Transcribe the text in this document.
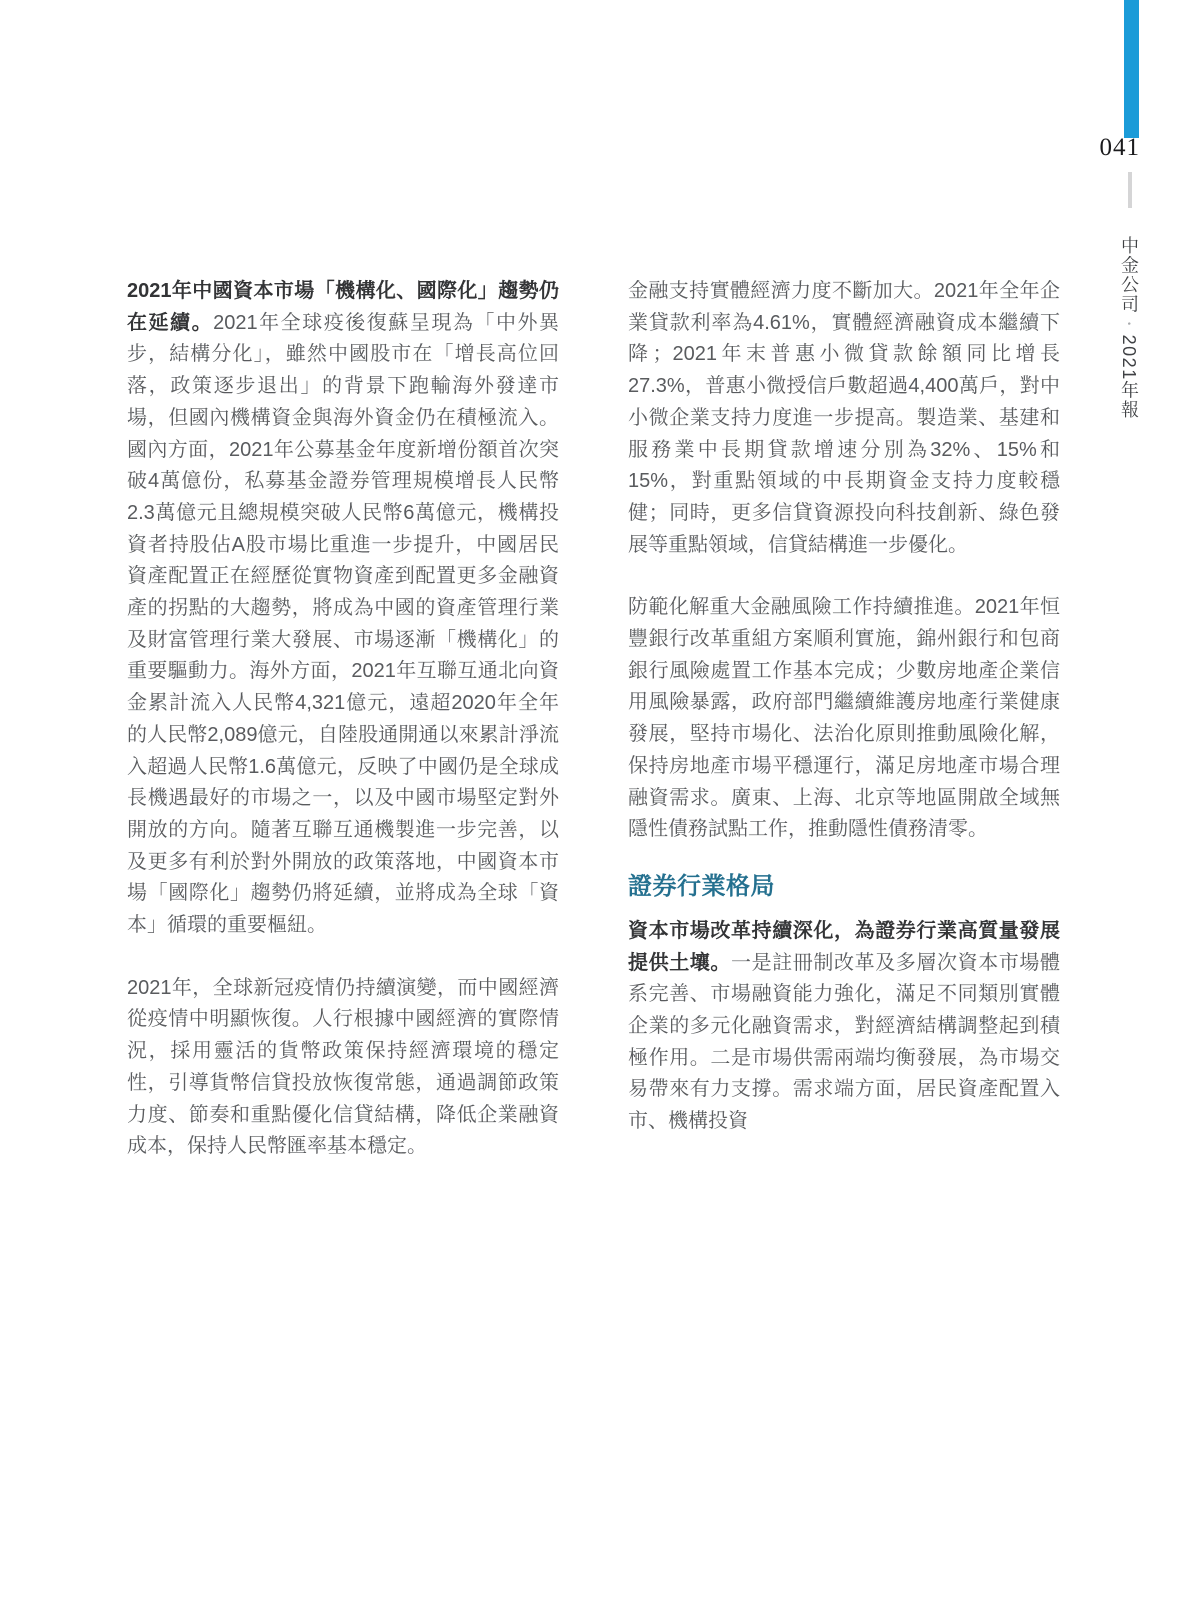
041
中金公司•2021年報

2021年中國資本市場「機構化、國際化」趨勢仍在延續。2021年全球疫後復蘇呈現為「中外異步，結構分化」，雖然中國股市在「增長高位回落，政策逐步退出」的背景下跑輸海外發達市場，但國內機構資金與海外資金仍在積極流入。國內方面，2021年公募基金年度新增份額首次突破4萬億份，私募基金證券管理規模增長人民幣2.3萬億元且總規模突破人民幣6萬億元，機構投資者持股佔A股市場比重進一步提升，中國居民資產配置正在經歷從實物資產到配置更多金融資產的拐點的大趨勢，將成為中國的資產管理行業及財富管理行業大發展、市場逐漸「機構化」的重要驅動力。海外方面，2021年互聯互通北向資金累計流入人民幣4,321億元，遠超2020年全年的人民幣2,089億元，自陸股通開通以來累計淨流入超過人民幣1.6萬億元，反映了中國仍是全球成長機遇最好的市場之一，以及中國市場堅定對外開放的方向。隨著互聯互通機製進一步完善，以及更多有利於對外開放的政策落地，中國資本市場「國際化」趨勢仍將延續，並將成為全球「資本」循環的重要樞紐。

2021年，全球新冠疫情仍持續演變，而中國經濟從疫情中明顯恢復。人行根據中國經濟的實際情況，採用靈活的貨幣政策保持經濟環境的穩定性，引導貨幣信貸投放恢復常態，通過調節政策力度、節奏和重點優化信貸結構，降低企業融資成本，保持人民幣匯率基本穩定。

金融支持實體經濟力度不斷加大。2021年全年企業貸款利率為4.61%，實體經濟融資成本繼續下降；2021年末普惠小微貸款餘額同比增長27.3%，普惠小微授信戶數超過4,400萬戶，對中小微企業支持力度進一步提高。製造業、基建和服務業中長期貸款增速分別為32%、15%和15%，對重點領域的中長期資金支持力度較穩健；同時，更多信貸資源投向科技創新、綠色發展等重點領域，信貸結構進一步優化。

防範化解重大金融風險工作持續推進。2021年恒豐銀行改革重組方案順利實施，錦州銀行和包商銀行風險處置工作基本完成；少數房地產企業信用風險暴露，政府部門繼續維護房地產行業健康發展，堅持市場化、法治化原則推動風險化解，保持房地產市場平穩運行，滿足房地產市場合理融資需求。廣東、上海、北京等地區開啟全域無隱性債務試點工作，推動隱性債務清零。

證券行業格局

資本市場改革持續深化，為證券行業高質量發展提供土壤。一是註冊制改革及多層次資本市場體系完善、市場融資能力強化，滿足不同類別實體企業的多元化融資需求，對經濟結構調整起到積極作用。二是市場供需兩端均衡發展，為市場交易帶來有力支撐。需求端方面，居民資產配置入市、機構投資
